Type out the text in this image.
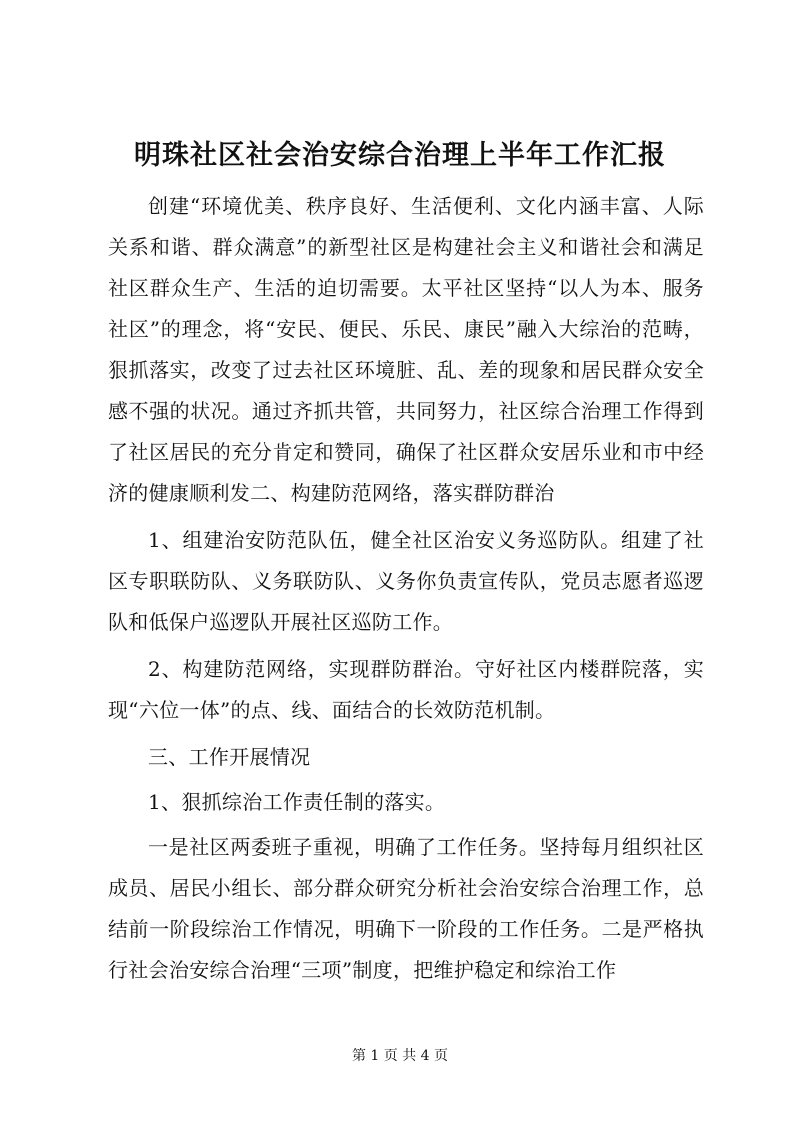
明珠社区社会治安综合治理上半年工作汇报

创建“环境优美、秩序良好、生活便利、文化内涵丰富、人际关系和谐、群众满意”的新型社区是构建社会主义和谐社会和满足社区群众生产、生活的迫切需要。太平社区坚持“以人为本、服务社区”的理念，将“安民、便民、乐民、康民”融入大综治的范畴，狠抓落实，改变了过去社区环境脏、乱、差的现象和居民群众安全感不强的状况。通过齐抓共管，共同努力，社区综合治理工作得到了社区居民的充分肯定和赞同，确保了社区群众安居乐业和市中经济的健康顺利发二、构建防范网络，落实群防群治

1、组建治安防范队伍，健全社区治安义务巡防队。组建了社区专职联防队、义务联防队、义务你负责宣传队，党员志愿者巡逻队和低保户巡逻队开展社区巡防工作。

2、构建防范网络，实现群防群治。守好社区内楼群院落，实现“六位一体”的点、线、面结合的长效防范机制。

三、工作开展情况

1、狠抓综治工作责任制的落实。

一是社区两委班子重视，明确了工作任务。坚持每月组织社区成员、居民小组长、部分群众研究分析社会治安综合治理工作，总结前一阶段综治工作情况，明确下一阶段的工作任务。二是严格执行社会治安综合治理“三项”制度，把维护稳定和综治工作

第 1 页 共 4 页
